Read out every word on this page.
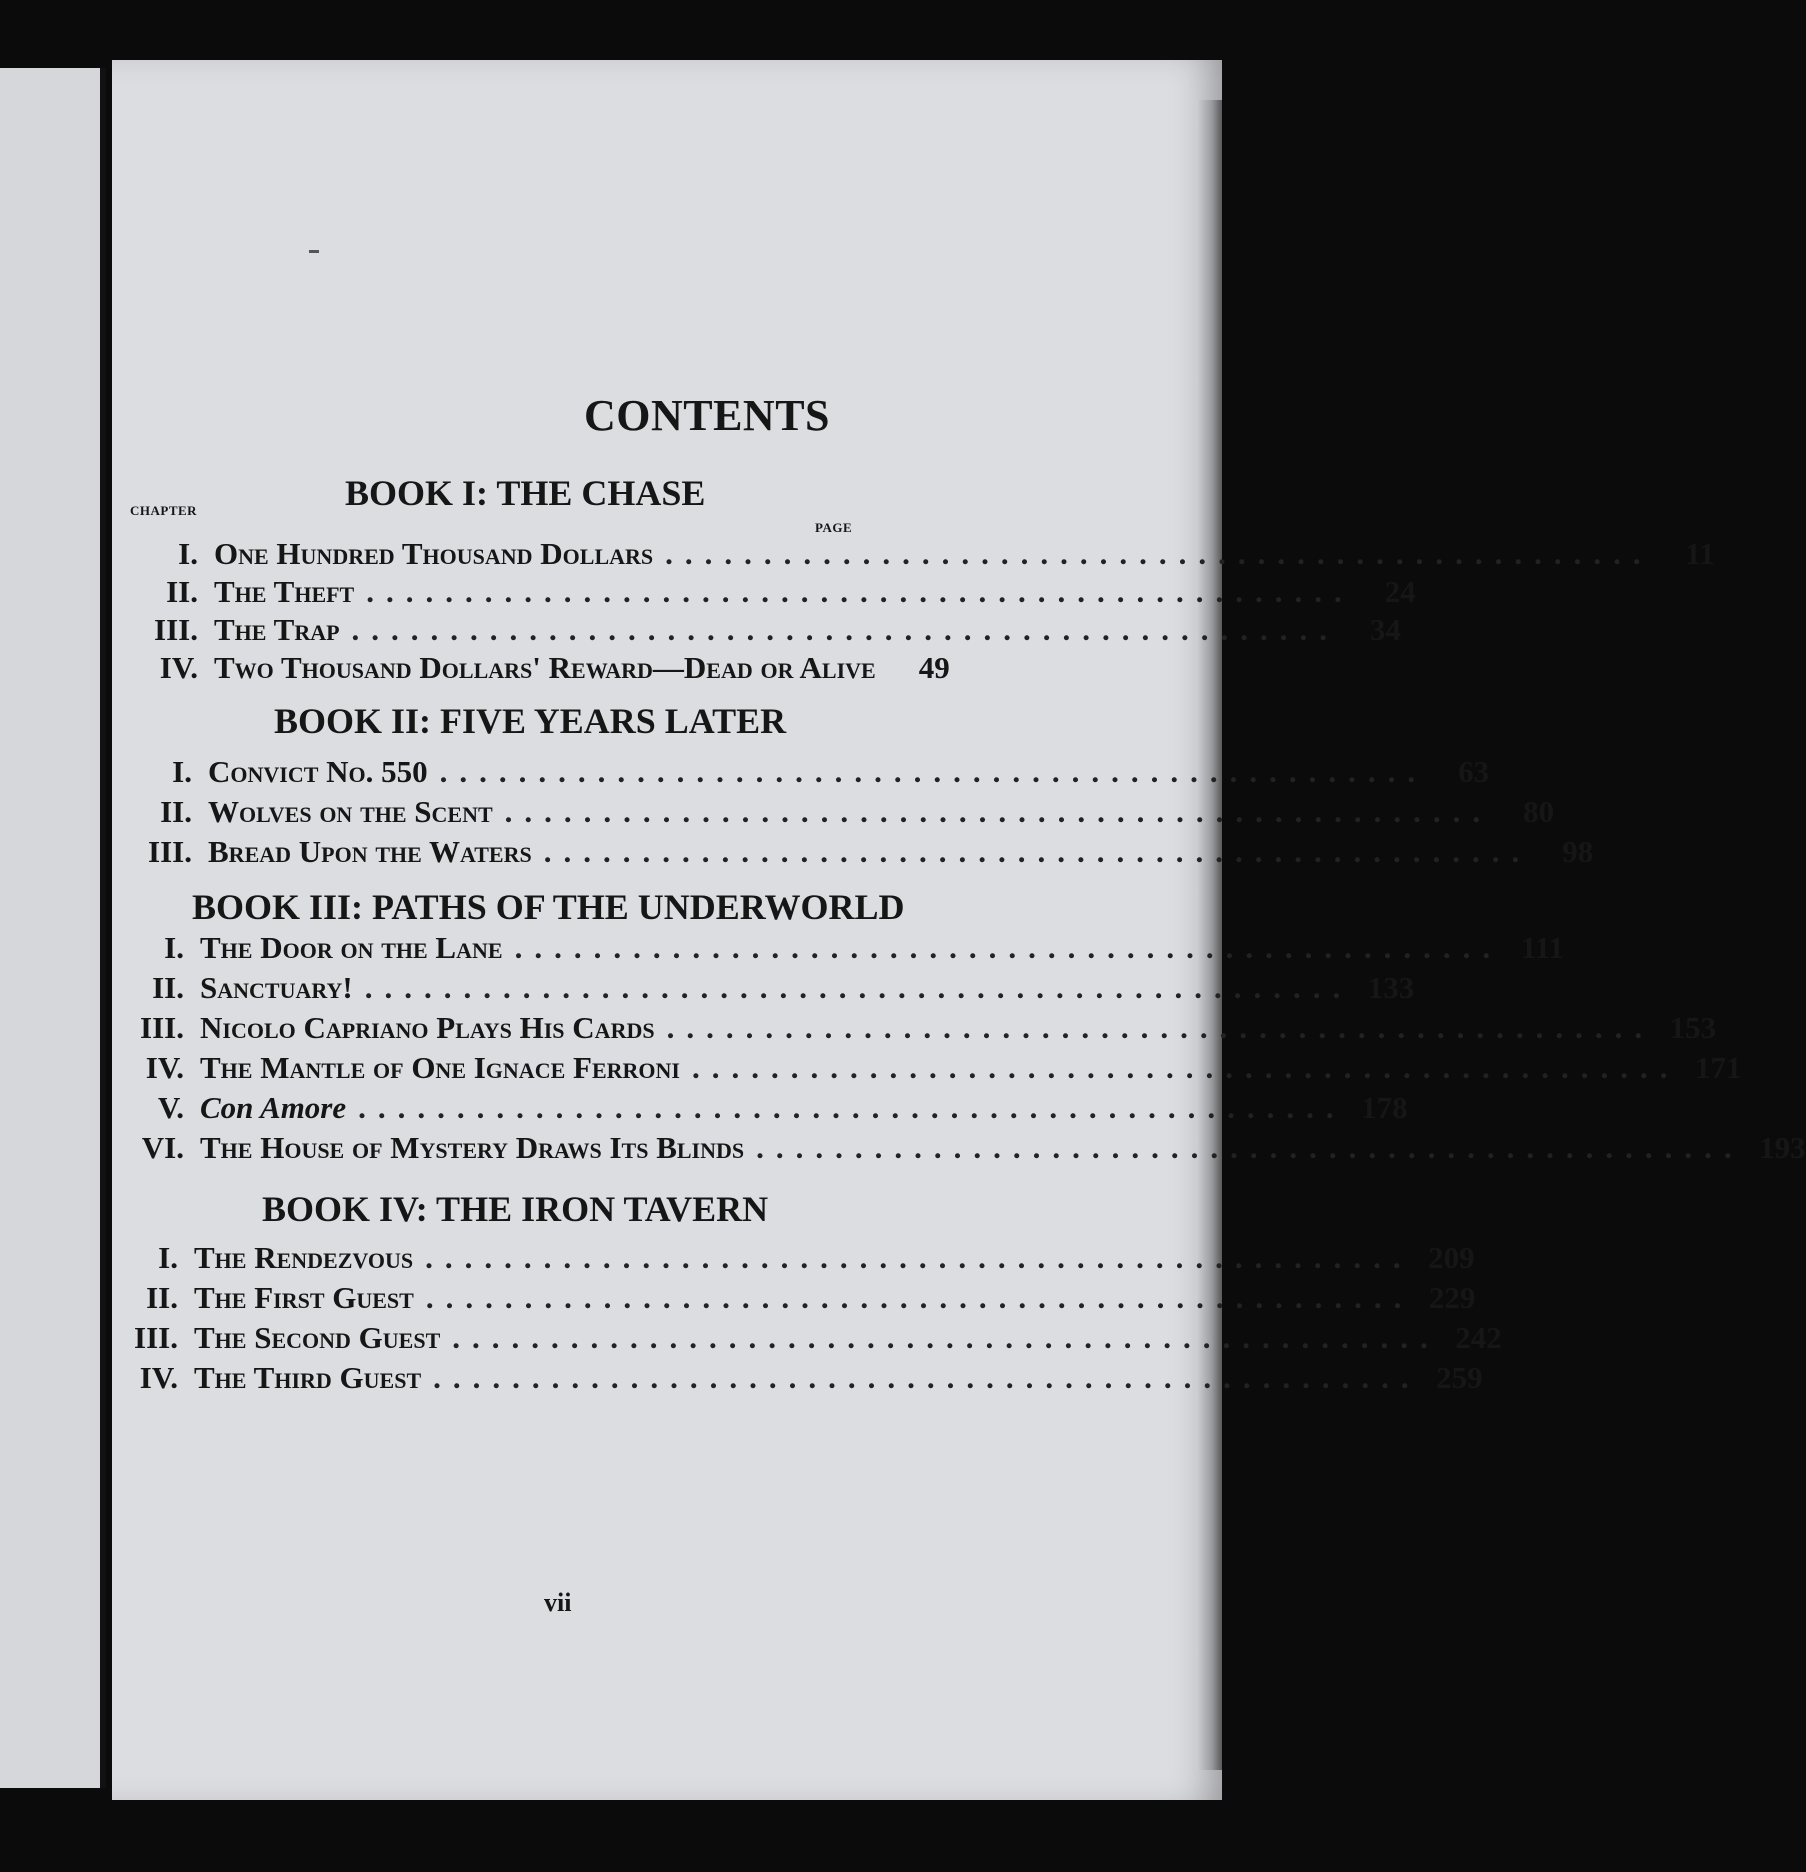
CONTENTS
BOOK I: THE CHASE
CHAPTER
PAGE
I. One Hundred Thousand Dollars ..................................................	11
II. The Theft ..................................................	24
III. The Trap ..................................................	34
IV. Two Thousand Dollars' Reward—Dead or Alive	49
BOOK II: FIVE YEARS LATER
I. Convict No. 550 ..................................................	63
II. Wolves on the Scent ..................................................	80
III. Bread Upon the Waters ..................................................	98
BOOK III: PATHS OF THE UNDERWORLD
I. The Door on the Lane .................................................. 111
II. Sanctuary! .................................................. 133
III. Nicolo Capriano Plays His Cards .................................................. 153
IV. The Mantle of One Ignace Ferroni .................................................. 171
V. Con Amore .................................................. 178
VI. The House of Mystery Draws Its Blinds .................................................. 193
BOOK IV: THE IRON TAVERN
I. The Rendezvous .................................................. 209
II. The First Guest .................................................. 229
III. The Second Guest .................................................. 242
IV. The Third Guest .................................................. 259
vii
